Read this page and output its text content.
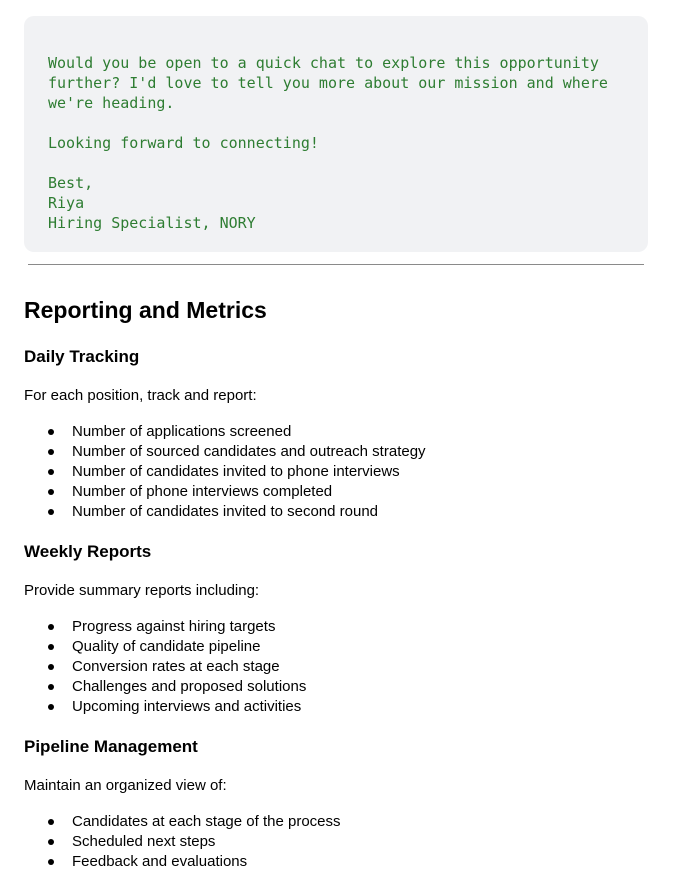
Would you be open to a quick chat to explore this opportunity
further? I'd love to tell you more about our mission and where
we're heading.
Looking forward to connecting!
Best,
Riya
Hiring Specialist, NORY
Reporting and Metrics
Daily Tracking

For each position, track and report:

Number of applications screened
Number of sourced candidates and outreach strategy
Number of candidates invited to phone interviews
Number of phone interviews completed
Number of candidates invited to second round
Weekly Reports

Provide summary reports including:

Progress against hiring targets
Quality of candidate pipeline
Conversion rates at each stage
Challenges and proposed solutions
Upcoming interviews and activities
Pipeline Management

Maintain an organized view of:

Candidates at each stage of the process
Scheduled next steps
Feedback and evaluations
